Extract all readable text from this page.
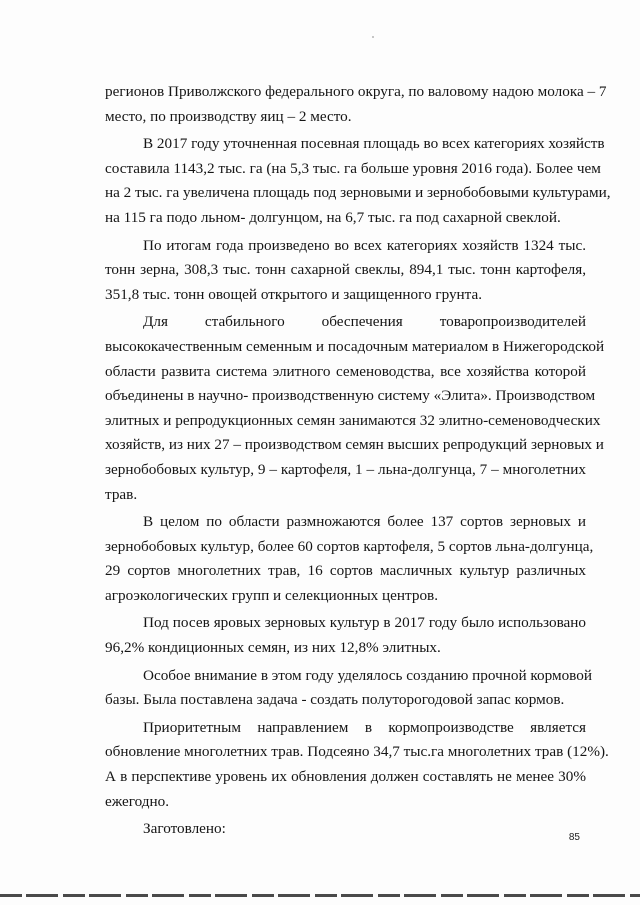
регионов Приволжского федерального округа, по валовому надою молока – 7
место, по производству яиц – 2 место.
В 2017 году уточненная посевная площадь во всех категориях хозяйств
составила 1143,2 тыс. га (на 5,3 тыс. га больше уровня 2016 года). Более чем
на 2 тыс. га увеличена площадь под зерновыми и зернобобовыми культурами,
на 115 га подо льном- долгунцом, на 6,7 тыс. га под сахарной свеклой.
По итогам года произведено во всех категориях хозяйств 1324 тыс.
тонн зерна, 308,3 тыс. тонн сахарной свеклы, 894,1 тыс. тонн картофеля,
351,8 тыс. тонн овощей открытого и защищенного грунта.
Для стабильного обеспечения товаропроизводителей
высококачественным семенным и посадочным материалом в Нижегородской
области развита система элитного семеноводства, все хозяйства которой
объединены в научно- производственную систему «Элита». Производством
элитных и репродукционных семян занимаются 32 элитно-семеноводческих
хозяйств, из них 27 – производством семян высших репродукций зерновых и
зернобобовых культур, 9 – картофеля, 1 – льна-долгунца, 7 – многолетних
трав.
В целом по области размножаются более 137 сортов зерновых и
зернобобовых культур, более 60 сортов картофеля, 5 сортов льна-долгунца,
29 сортов многолетних трав, 16 сортов масличных культур различных
агроэкологических групп и селекционных центров.
Под посев яровых зерновых культур в 2017 году было использовано
96,2% кондиционных семян, из них 12,8% элитных.
Особое внимание в этом году уделялось созданию прочной кормовой
базы. Была поставлена задача - создать полуторогодовой запас кормов.
Приоритетным направлением в кормопроизводстве является
обновление многолетних трав. Подсеяно 34,7 тыс.га многолетних трав (12%).
А в перспективе уровень их обновления должен составлять не менее 30%
ежегодно.
Заготовлено:
85
